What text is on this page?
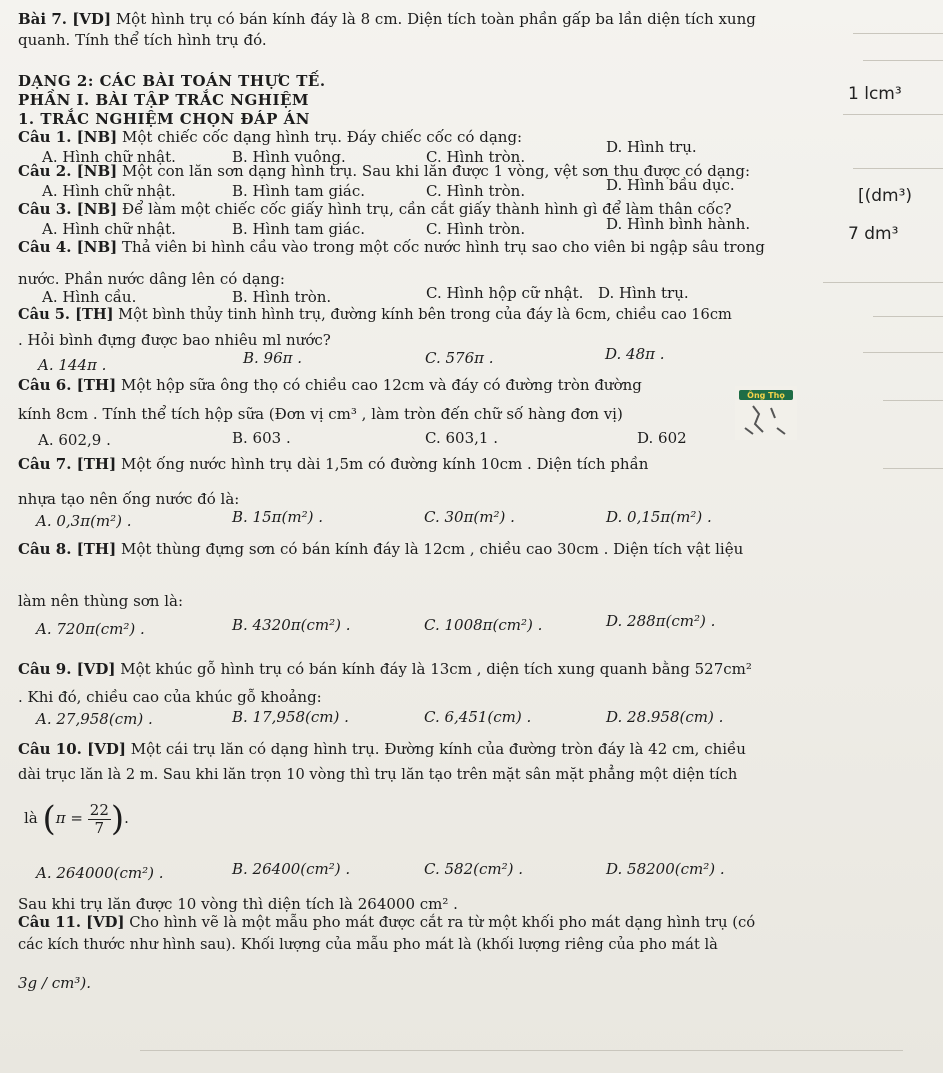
Bài 7. [VD] Một hình trụ có bán kính đáy là 8 cm. Diện tích toàn phần gấp ba lần diện tích xung
quanh. Tính thể tích hình trụ đó.
DẠNG 2: CÁC BÀI TOÁN THỰC TẾ.
PHẦN I. BÀI TẬP TRẮC NGHIỆM
1. TRẮC NGHIỆM CHỌN ĐÁP ÁN
1 lcm³
[(dm³)
7 dm³
Câu 1. [NB] Một chiếc cốc dạng hình trụ. Đáy chiếc cốc có dạng:
A. Hình chữ nhật.	B. Hình vuông.	C. Hình tròn.
D. Hình trụ.
Câu 2. [NB] Một con lăn sơn dạng hình trụ. Sau khi lăn được 1 vòng, vệt sơn thu được có dạng:
A. Hình chữ nhật.	B. Hình tam giác.	C. Hình tròn.	D. Hình bầu dục.
Câu 3. [NB] Để làm một chiếc cốc giấy hình trụ, cần cắt giấy thành hình gì để làm thân cốc?
A. Hình chữ nhật.	B. Hình tam giác.	C. Hình tròn.	D. Hình bình hành.
Câu 4. [NB] Thả viên bi hình cầu vào trong một cốc nước hình trụ sao cho viên bi ngập sâu trong
nước. Phần nước dâng lên có dạng:
A. Hình cầu.	B. Hình tròn.	C. Hình hộp cữ nhật. D. Hình trụ.
Câu 5. [TH] Một bình thủy tinh hình trụ, đường kính bên trong của đáy là 6cm, chiều cao 16cm
. Hỏi bình đựng được bao nhiêu ml nước?
A. 144π .	B. 96π .	C. 576π .	D. 48π .
Câu 6. [TH] Một hộp sữa ông thọ có chiều cao 12cm và đáy có đường tròn đường
kính 8cm . Tính thể tích hộp sữa (Đơn vị cm³ , làm tròn đến chữ số hàng đơn vị)
A. 602,9 .	B. 603 .	C. 603,1 .	D. 602
Ông Thọ
Câu 7. [TH] Một ống nước hình trụ dài 1,5m có đường kính 10cm . Diện tích phần
nhựa tạo nên ống nước đó là:
A. 0,3π(m²) .	B. 15π(m²) .	C. 30π(m²) .	D. 0,15π(m²) .
Câu 8. [TH] Một thùng đựng sơn có bán kính đáy là 12cm , chiều cao 30cm . Diện tích vật liệu
làm nên thùng sơn là:
A. 720π(cm²) .	B. 4320π(cm²) .	C. 1008π(cm²) .	D. 288π(cm²) .
Câu 9. [VD] Một khúc gỗ hình trụ có bán kính đáy là 13cm , diện tích xung quanh bằng 527cm²
. Khi đó, chiều cao của khúc gỗ khoảng:
A. 27,958(cm) .	B. 17,958(cm) .	C. 6,451(cm) .	D. 28.958(cm) .
Câu 10. [VD] Một cái trụ lăn có dạng hình trụ. Đường kính của đường tròn đáy là 42 cm, chiều
dài trục lăn là 2 m. Sau khi lăn trọn 10 vòng thì trụ lăn tạo trên mặt sân mặt phẳng một diện tích
là ($\pi = \frac{22}{7}$ ).
A. 264000(cm²) .	B. 26400(cm²) .	C. 582(cm²) .	D. 58200(cm²) .
Sau khi trụ lăn được 10 vòng thì diện tích là 264000 cm² .
Câu 11. [VD] Cho hình vẽ là một mẫu pho mát được cắt ra từ một khối pho mát dạng hình trụ (có
các kích thước như hình sau). Khối lượng của mẫu pho mát là (khối lượng riêng của pho mát là
3g / cm³).
